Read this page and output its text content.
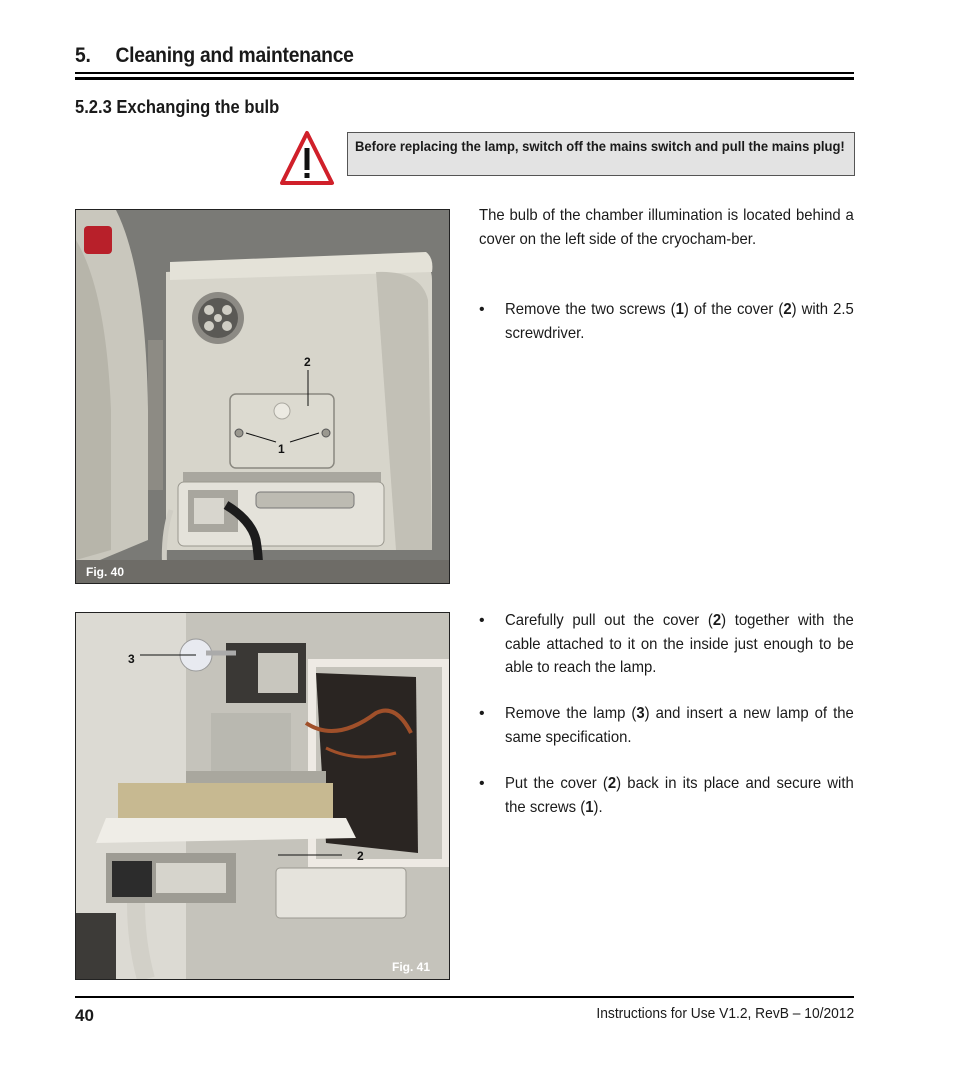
5. Cleaning and maintenance
5.2.3 Exchanging the bulb
Before replacing the lamp, switch off the mains switch and pull the mains plug!
2
1
Fig. 40
3
2
Fig. 41
The bulb of the chamber illumination is located behind a cover on the left side of the cryocham-ber.
• Remove the two screws (1) of the cover (2) with 2.5 screwdriver.
• Carefully pull out the cover (2) together with the cable attached to it on the inside just enough to be able to reach the lamp.
• Remove the lamp (3) and insert a new lamp of the same specification.
• Put the cover (2) back in its place and secure with the screws (1).
40	Instructions for Use V1.2, RevB – 10/2012
